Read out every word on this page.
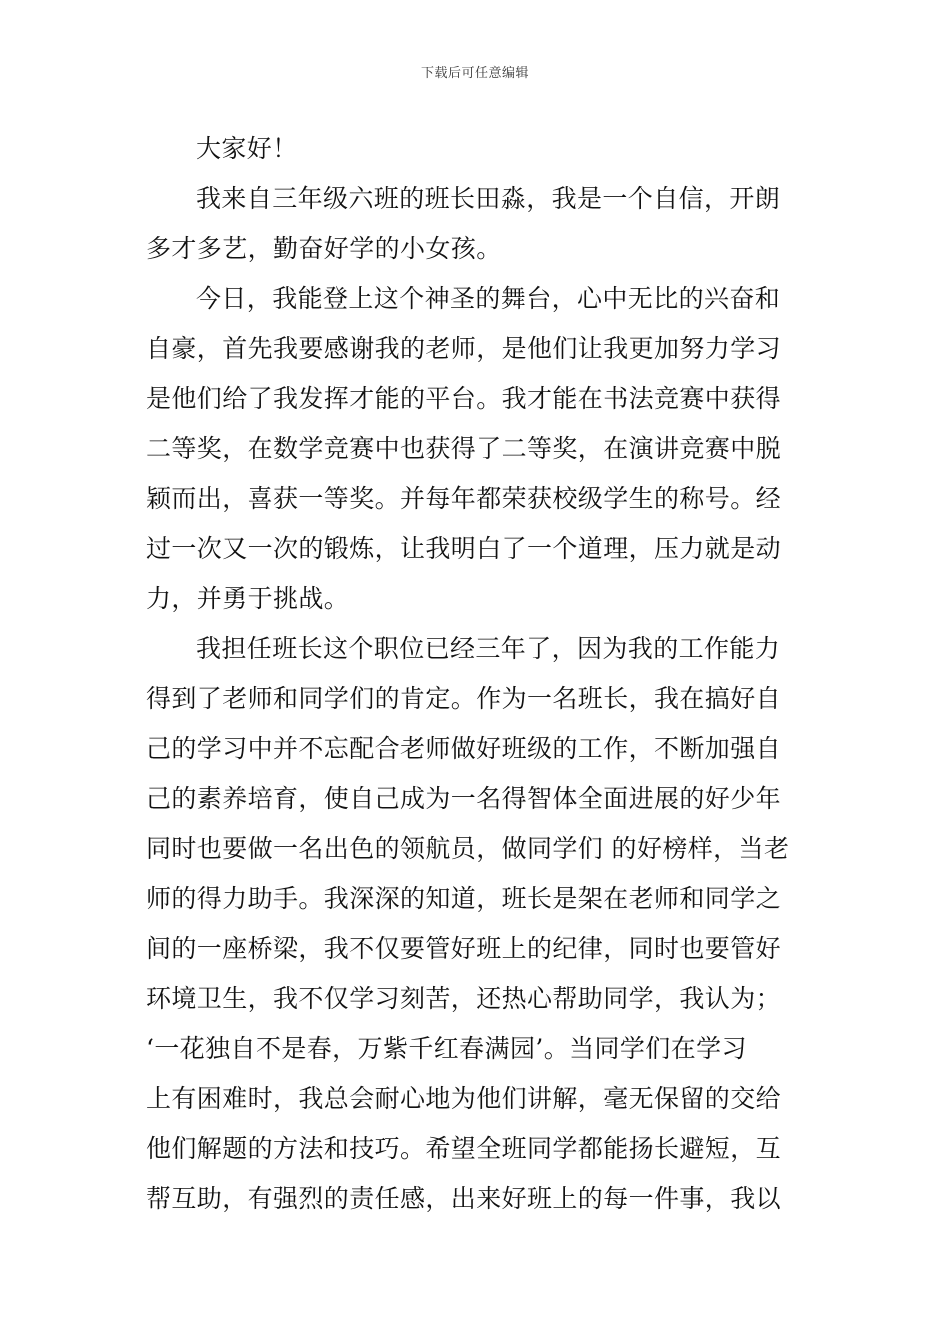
下载后可任意编辑
大家好！
我来自三年级六班的班长田淼，我是一个自信，开朗
多才多艺，勤奋好学的小女孩。
今日，我能登上这个神圣的舞台，心中无比的兴奋和
自豪，首先我要感谢我的老师，是他们让我更加努力学习
是他们给了我发挥才能的平台。我才能在书法竞赛中获得
二等奖，在数学竞赛中也获得了二等奖，在演讲竞赛中脱
颖而出，喜获一等奖。并每年都荣获校级学生的称号。经
过一次又一次的锻炼，让我明白了一个道理，压力就是动
力，并勇于挑战。
我担任班长这个职位已经三年了，因为我的工作能力
得到了老师和同学们的肯定。作为一名班长，我在搞好自
己的学习中并不忘配合老师做好班级的工作，不断加强自
己的素养培育，使自己成为一名得智体全面进展的好少年
同时也要做一名出色的领航员，做同学们 的好榜样，当老
师的得力助手。我深深的知道，班长是架在老师和同学之
间的一座桥梁，我不仅要管好班上的纪律，同时也要管好
环境卫生，我不仅学习刻苦，还热心帮助同学，我认为；
‘一花独自不是春，万紫千红春满园’。当同学们在学习
上有困难时，我总会耐心地为他们讲解，毫无保留的交给
他们解题的方法和技巧。希望全班同学都能扬长避短，互
帮互助，有强烈的责任感，出来好班上的每一件事，我以
